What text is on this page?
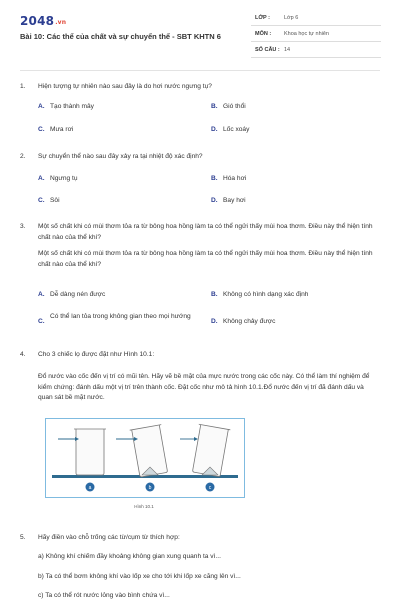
2048.vn
Bài 10: Các thể của chất và sự chuyển thể - SBT KHTN 6
LỚP :	Lớp 6
MÔN : Khoa học tự nhiên
SỐ CÂU : 14
1. Hiện tượng tự nhiên nào sau đây là do hơi nước ngưng tụ?
A. Tạo thành mây	B. Gió thổi
C. Mưa rơi	D. Lốc xoáy
2. Sự chuyển thể nào sau đây xảy ra tại nhiệt độ xác định?
A. Ngưng tụ	B. Hóa hơi
C. Sôi	D. Bay hơi
3. Một số chất khi có mùi thơm tỏa ra từ bông hoa hồng làm ta có thể ngửi thấy mùi hoa thơm. Điều này thể hiện tính chất nào của thể khí?

Một số chất khi có mùi thơm tỏa ra từ bông hoa hồng làm ta có thể ngửi thấy mùi hoa thơm. Điều này thể hiện tính chất nào của thể khí?

A. Dễ dàng nén được	B. Không có hình dạng xác định
C.
Có thể lan tỏa trong không gian theo mọi hướng
D. Không chảy được
4. Cho 3 chiếc lọ được đặt như Hình 10.1:
Đổ nước vào cốc đến vị trí có mũi tên. Hãy vẽ bề mặt của mực nước trong các cốc này. Có thể làm thí nghiệm để kiểm chứng: đánh dấu một vị trí trên thành cốc. Đặt cốc như mô tả hình 10.1.Đổ nước đến vị trí đã đánh dấu và quan sát bề mặt nước.
a	b	c
Hình 10.1
5. Hãy điền vào chỗ trống các từ/cụm từ thích hợp:
a) Không khí chiếm đầy khoảng không gian xung quanh ta vì...
b) Ta có thể bơm không khí vào lốp xe cho tới khi lốp xe căng lên vì...
c) Ta có thể rót nước lỏng vào bình chứa vì...
